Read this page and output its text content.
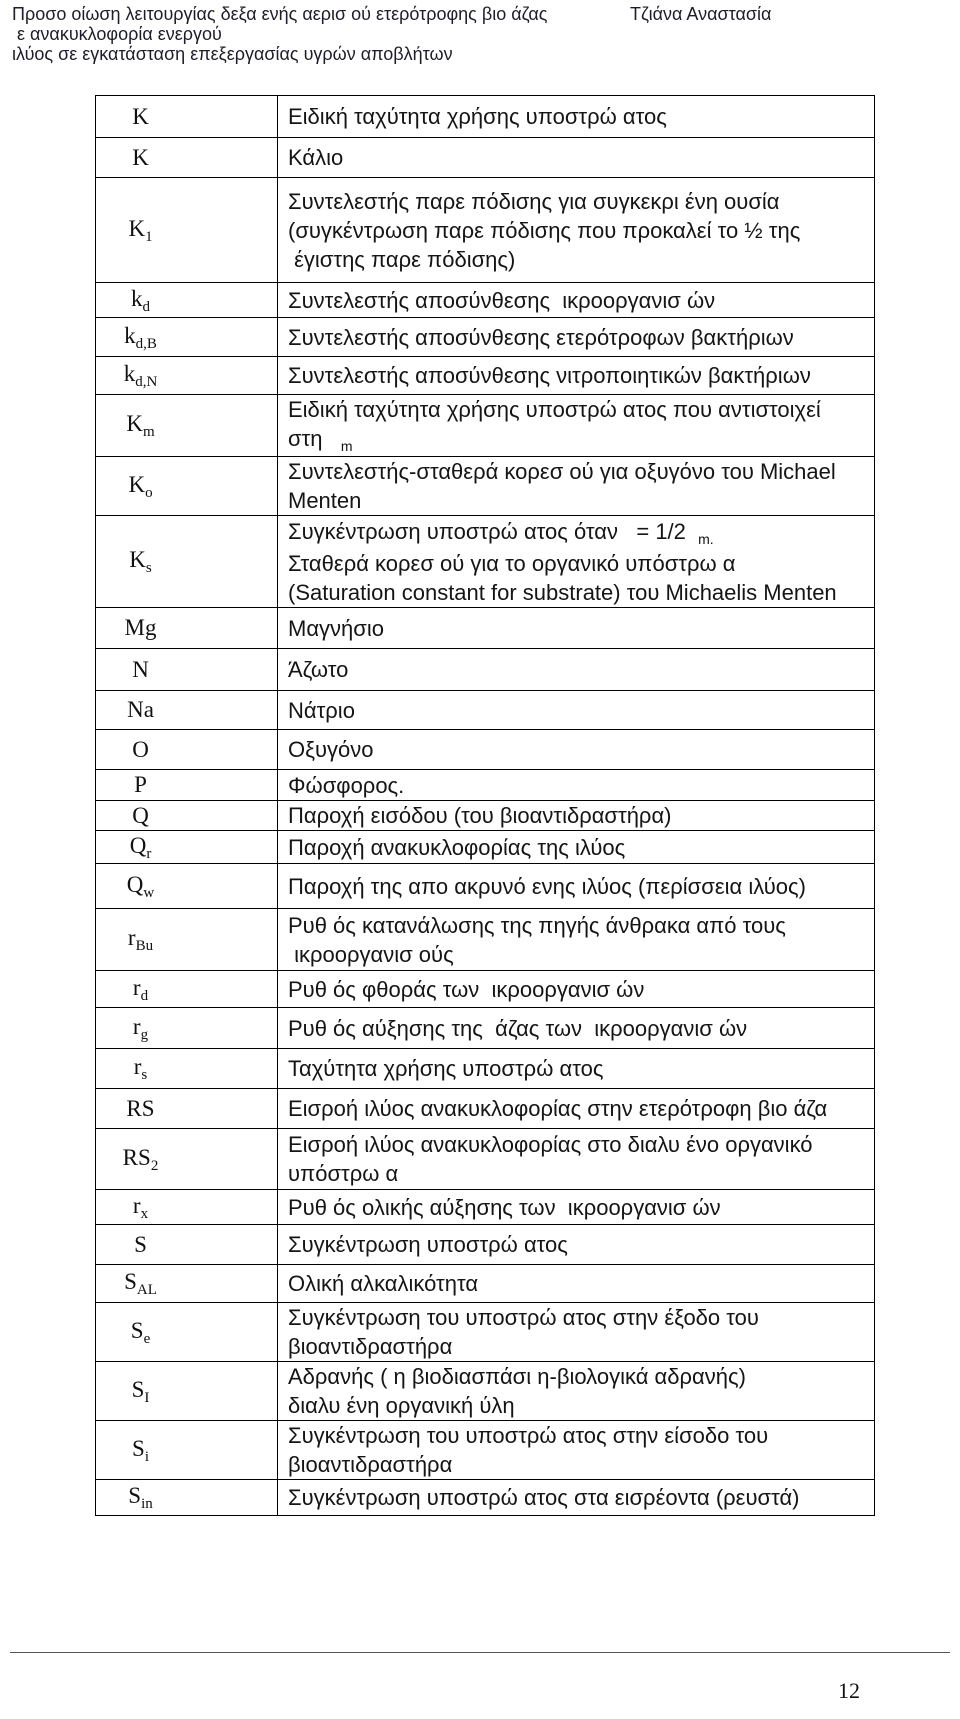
Προσο οίωση λειτουργίας δεξα ενής αερισ ού ετερότροφης βιο άζας
ε ανακυκλοφορία ενεργού
ιλύος σε εγκατάσταση επεξεργασίας υγρών αποβλήτων
Τζιάνα Αναστασία
K	Ειδική ταχύτητα χρήσης υποστρώ ατος

K	Κάλιο

$K_1$	Συντελεστής παρε πόδισης για συγκεκρι ένη ουσία
(συγκέντρωση παρε πόδισης που προκαλεί το ½ της
έγιστης παρε πόδισης)

$k_d$	Συντελεστής αποσύνθεσης  ικροοργανισ ών

$k_{d,B}$	Συντελεστής αποσύνθεσης ετερότροφων βακτήριων

$k_{d,N}$	Συντελεστής αποσύνθεσης νιτροποιητικών βακτήριων

$K_m$	Ειδική ταχύτητα χρήσης υποστρώ ατος που αντιστοιχεί
στη   $_m$

$K_o$	Συντελεστής-σταθερά κορεσ ού για οξυγόνο του Michael
Menten

$K_s$	Συγκέντρωση υποστρώ ατος όταν   = 1/2  $_{m.}$
Σταθερά κορεσ ού για το οργανικό υπόστρω α
(Saturation constant for substrate) του Michaelis Menten

Mg	Μαγνήσιο

N	Άζωτο

Na	Νάτριο

O	Οξυγόνο

P	Φώσφορος.

Q	Παροχή εισόδου (του βιοαντιδραστήρα)

$Q_r$	Παροχή ανακυκλοφορίας της ιλύος

$Q_w$	Παροχή της απο ακρυνό ενης ιλύος (περίσσεια ιλύος)

$r_{Bu}$	Ρυθ ός κατανάλωσης της πηγής άνθρακα από τους
ικροοργανισ ούς

$r_d$	Ρυθ ός φθοράς των  ικροοργανισ ών

$r_g$	Ρυθ ός αύξησης της  άζας των  ικροοργανισ ών

$r_s$	Ταχύτητα χρήσης υποστρώ ατος

RS	Εισροή ιλύος ανακυκλοφορίας στην ετερότροφη βιο άζα

$RS_2$	Εισροή ιλύος ανακυκλοφορίας στο διαλυ ένο οργανικό
υπόστρω α

$r_x$	Ρυθ ός ολικής αύξησης των  ικροοργανισ ών

S	Συγκέντρωση υποστρώ ατος

$S_{AL}$	Ολική αλκαλικότητα

$S_e$	Συγκέντρωση του υποστρώ ατος στην έξοδο του
βιοαντιδραστήρα

$S_I$	Αδρανής ( η βιοδιασπάσι η-βιολογικά αδρανής)
διαλυ ένη οργανική ύλη

$S_i$	Συγκέντρωση του υποστρώ ατος στην είσοδο του
βιοαντιδραστήρα

$S_{in}$	Συγκέντρωση υποστρώ ατος στα εισρέοντα (ρευστά)
12
